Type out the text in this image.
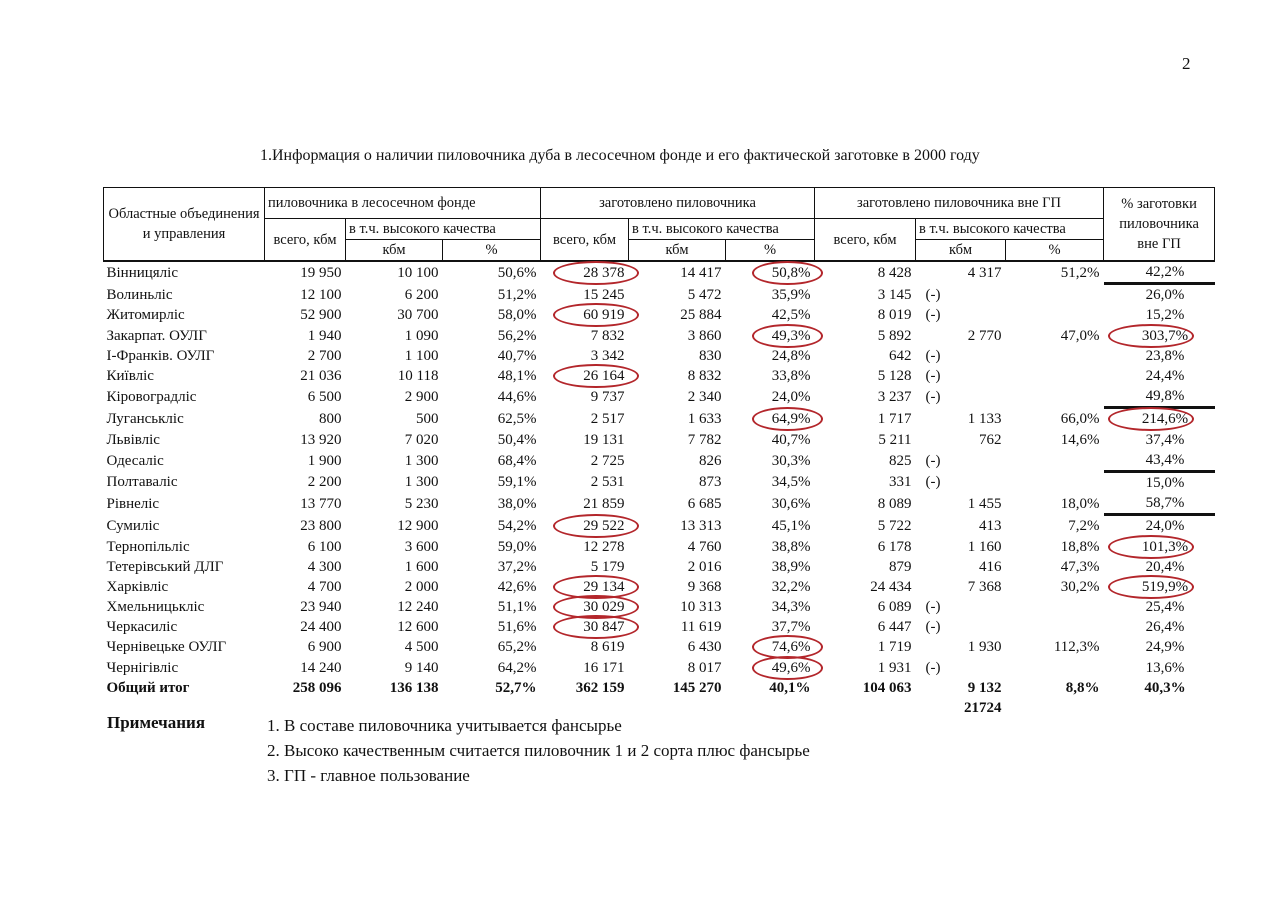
2
1.Информация о наличии пиловочника дуба в лесосечном фонде и его фактической заготовке в 2000 году
Областные объединения и управления	пиловочника в лесосечном фонде			заготовлено пиловочника			заготовлено пиловочника вне ГП			% заготовки пиловочника вне ГП
	всего, кбм	в т.ч. высокого качества		всего, кбм	в т.ч. высокого качества		всего, кбм	в т.ч. высокого качества		
		кбм	%		кбм	%		кбм	%	
Вінницяліс	19 950	10 100	50,6%	28 378	14 417	50,8%	8 428	4 317	51,2%	42,2%
Волиньліс	12 100	6 200	51,2%	15 245	5 472	35,9%	3 145	(-)		26,0%
Житомирліс	52 900	30 700	58,0%	60 919	25 884	42,5%	8 019	(-)		15,2%
Закарпат. ОУЛГ	1 940	1 090	56,2%	7 832	3 860	49,3%	5 892	2 770	47,0%	303,7%
І-Франків. ОУЛГ	2 700	1 100	40,7%	3 342	830	24,8%	642	(-)		23,8%
Київліс	21 036	10 118	48,1%	26 164	8 832	33,8%	5 128	(-)		24,4%
Кіровоградліс	6 500	2 900	44,6%	9 737	2 340	24,0%	3 237	(-)		49,8%
Луганськліс	800	500	62,5%	2 517	1 633	64,9%	1 717	1 133	66,0%	214,6%
Львівліс	13 920	7 020	50,4%	19 131	7 782	40,7%	5 211	762	14,6%	37,4%
Одесаліс	1 900	1 300	68,4%	2 725	826	30,3%	825	(-)		43,4%
Полтаваліс	2 200	1 300	59,1%	2 531	873	34,5%	331	(-)		15,0%
Рівнеліс	13 770	5 230	38,0%	21 859	6 685	30,6%	8 089	1 455	18,0%	58,7%
Сумиліс	23 800	12 900	54,2%	29 522	13 313	45,1%	5 722	413	7,2%	24,0%
Тернопільліс	6 100	3 600	59,0%	12 278	4 760	38,8%	6 178	1 160	18,8%	101,3%
Тетерівський ДЛГ	4 300	1 600	37,2%	5 179	2 016	38,9%	879	416	47,3%	20,4%
Харківліс	4 700	2 000	42,6%	29 134	9 368	32,2%	24 434	7 368	30,2%	519,9%
Хмельницькліс	23 940	12 240	51,1%	30 029	10 313	34,3%	6 089	(-)		25,4%
Черкасиліс	24 400	12 600	51,6%	30 847	11 619	37,7%	6 447	(-)		26,4%
Чернівецьке ОУЛГ	6 900	4 500	65,2%	8 619	6 430	74,6%	1 719	1 930	112,3%	24,9%
Чернігівліс	14 240	9 140	64,2%	16 171	8 017	49,6%	1 931	(-)		13,6%
Общий итог	258 096	136 138	52,7%	362 159	145 270	40,1%	104 063	9 132	8,8%	40,3%
								21724		
Примечания	1. В составе пиловочника учитывается фансырье
2. Высоко качественным считается пиловочник 1 и 2 сорта плюс фансырье
3. ГП - главное пользование
